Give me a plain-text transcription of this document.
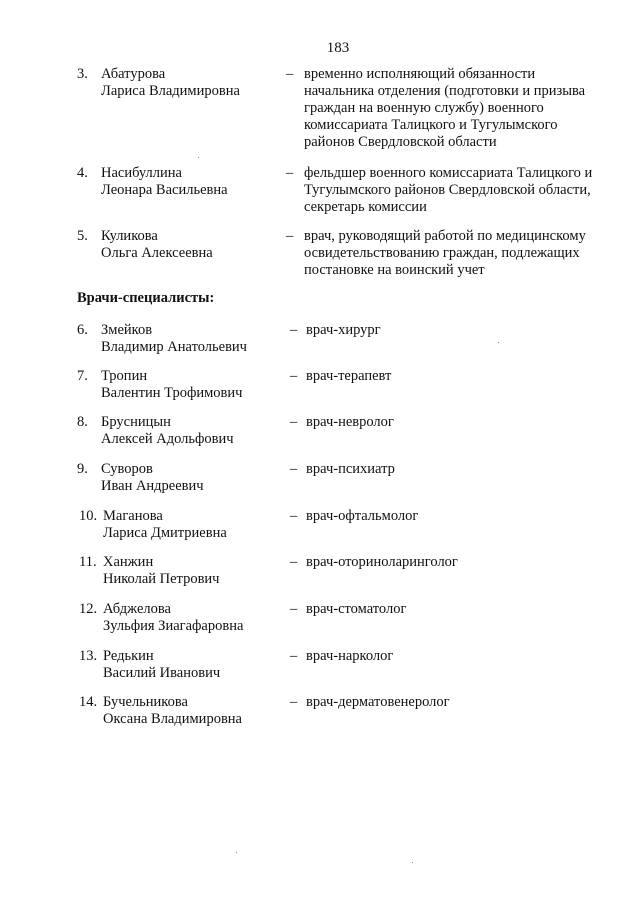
183
3. Абатурова
Лариса Владимировна
– временно исполняющий обязанности
начальника отделения (подготовки и призыва
граждан на военную службу) военного
комиссариата Талицкого и Тугулымского
районов Свердловской области
4. Насибуллина
Леонара Васильевна
– фельдшер военного комиссариата Талицкого и
Тугулымского районов Свердловской области,
секретарь комиссии
5. Куликова
Ольга Алексеевна
– врач, руководящий работой по медицинскому
освидетельствованию граждан, подлежащих
постановке на воинский учет
Врачи-специалисты:
6. Змейков
Владимир Анатольевич
– врач-хирург
7. Тропин
Валентин Трофимович
– врач-терапевт
8. Брусницын
Алексей Адольфович
– врач-невролог
9. Суворов
Иван Андреевич
– врач-психиатр
10. Маганова
Лариса Дмитриевна
– врач-офтальмолог
11. Ханжин
Николай Петрович
– врач-оториноларинголог
12. Абджелова
Зульфия Зиагафаровна
– врач-стоматолог
13. Редькин
Василий Иванович
– врач-нарколог
14. Бучельникова
Оксана Владимировна
– врач-дерматовенеролог
